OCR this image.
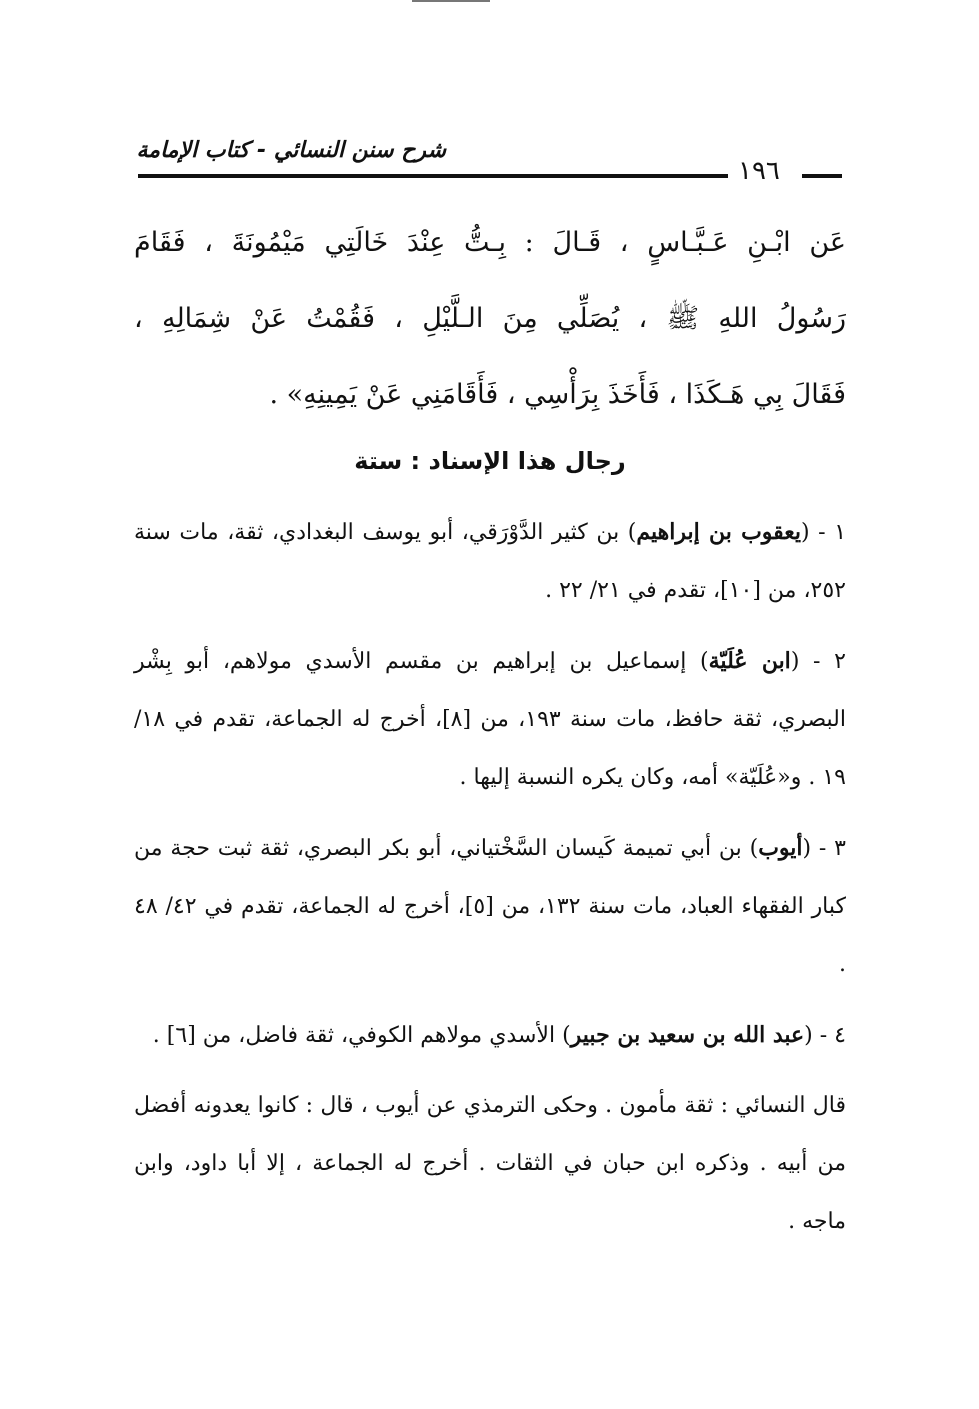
شرح سنن النسائي - كتاب الإمامة
١٩٦

عَن ابْـنِ عَـبَّـاسٍ ، قَـالَ : بِـتُّ عِنْدَ خَالَتِي مَيْمُونَةَ ، فَقَامَ

رَسُولُ اللهِ ﷺ ، يُصَلِّي مِنَ الـلَّيْلِ ، فَقُمْتُ عَنْ شِمَالِهِ ،

فَقَالَ بِي هَـكَذَا ، فَأَخَذَ بِرَأْسِي ، فَأَقَامَنِي عَنْ يَمِينِهِ» .

رجال هذا الإسناد : ستة

١ - (يعقوب بن إبراهيم) بن كثير الدَّوْرَقي، أبو يوسف البغدادي، ثقة، مات سنة ٢٥٢، من [١٠]، تقدم في ٢١/ ٢٢ .

٢ - (ابن عُلَيّة) إسماعيل بن إبراهيم بن مقسم الأسدي مولاهم، أبو بِشْر البصري، ثقة حافظ، مات سنة ١٩٣، من [٨]، أخرج له الجماعة، تقدم في ١٨/ ١٩ . و«عُلَيّة» أمه، وكان يكره النسبة إليها .

٣ - (أيوب) بن أبي تميمة كَيسان السَّخْتياني، أبو بكر البصري، ثقة ثبت حجة من كبار الفقهاء العباد، مات سنة ١٣٢، من [٥]، أخرج له الجماعة، تقدم في ٤٢/ ٤٨ .

٤ - (عبد الله بن سعيد بن جبير) الأسدي مولاهم الكوفي، ثقة فاضل، من [٦] .

قال النسائي : ثقة مأمون . وحكى الترمذي عن أيوب ، قال : كانوا يعدونه أفضل من أبيه . وذكره ابن حبان في الثقات . أخرج له الجماعة ، إلا أبا داود، وابن ماجه .
